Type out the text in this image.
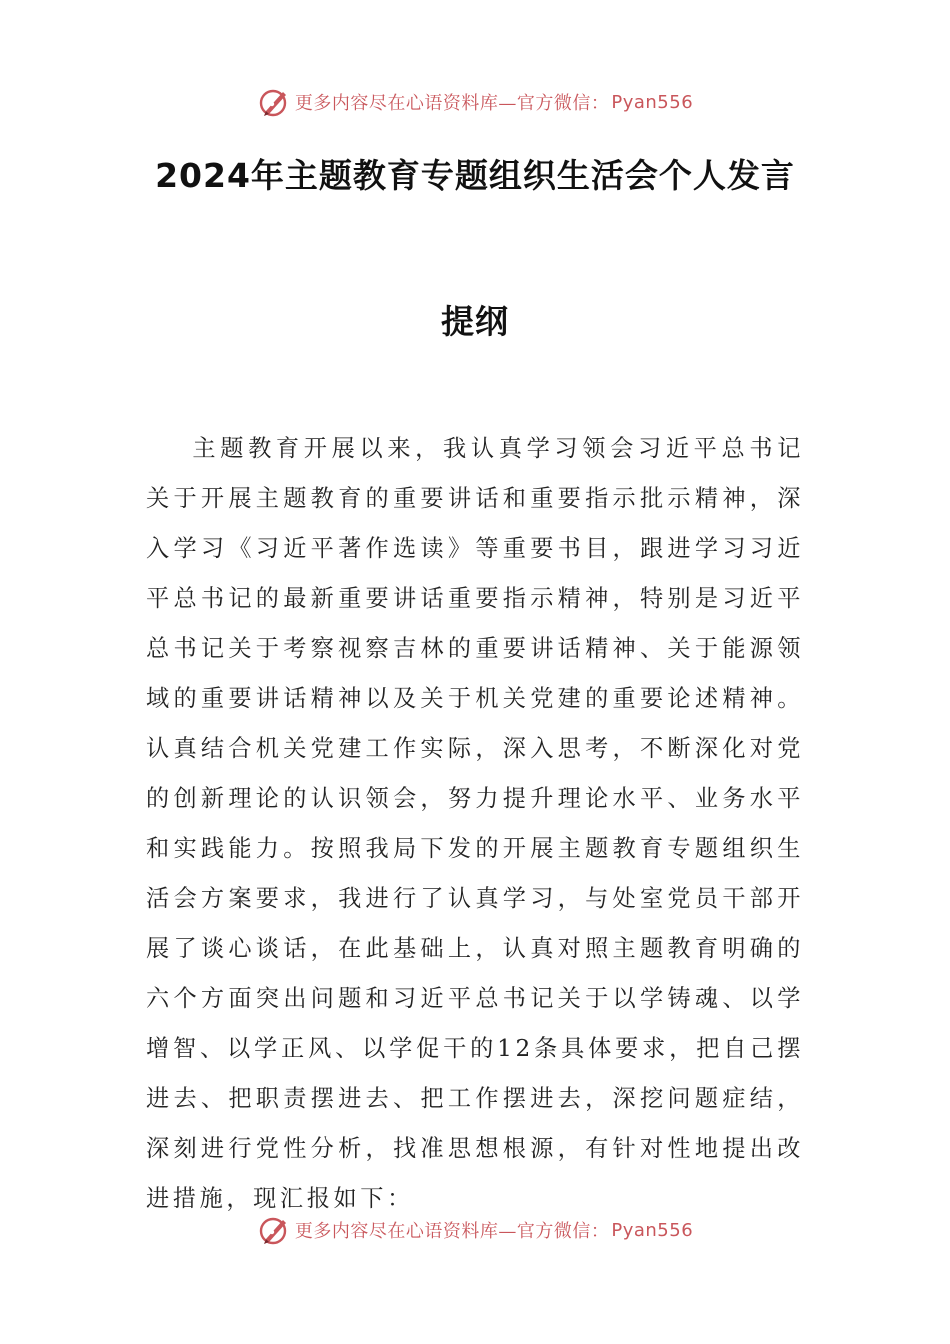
更多内容尽在心语资料库—官方微信： Pyan556
2024年主题教育专题组织生活会个人发言
提纲

主题教育开展以来，我认真学习领会习近平总书记关于开展主题教育的重要讲话和重要指示批示精神，深入学习《习近平著作选读》等重要书目，跟进学习习近平总书记的最新重要讲话重要指示精神，特别是习近平总书记关于考察视察吉林的重要讲话精神、关于能源领域的重要讲话精神以及关于机关党建的重要论述精神。认真结合机关党建工作实际，深入思考，不断深化对党的创新理论的认识领会，努力提升理论水平、业务水平和实践能力。按照我局下发的开展主题教育专题组织生活会方案要求，我进行了认真学习，与处室党员干部开展了谈心谈话，在此基础上，认真对照主题教育明确的六个方面突出问题和习近平总书记关于以学铸魂、以学增智、以学正风、以学促干的12条具体要求，把自己摆进去、把职责摆进去、把工作摆进去，深挖问题症结，深刻进行党性分析，找准思想根源，有针对性地提出改进措施，现汇报如下：

更多内容尽在心语资料库—官方微信： Pyan556
